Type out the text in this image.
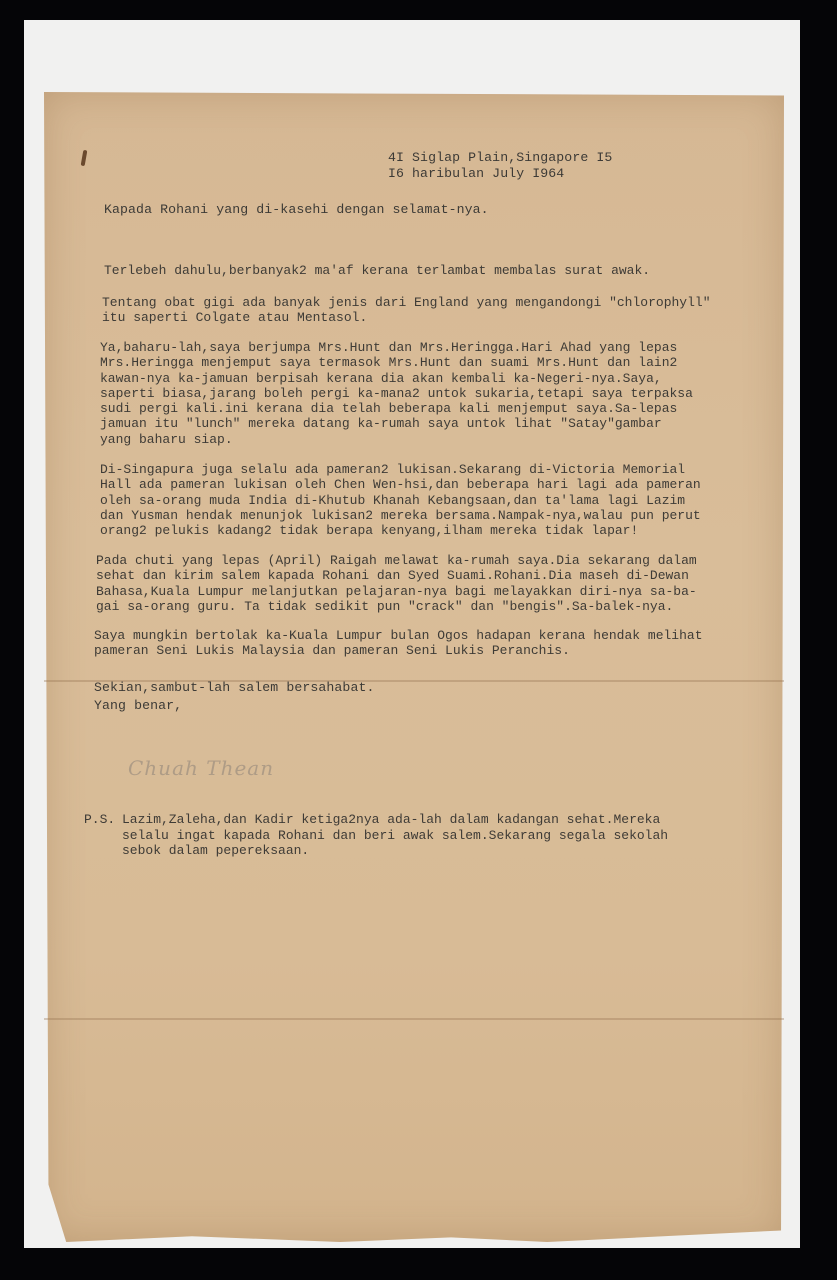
4I Siglap Plain,Singapore I5
I6 haribulan July I964
Kapada Rohani yang di-kasehi dengan selamat-nya.
Terlebeh dahulu,berbanyak2 ma'af kerana terlambat membalas surat awak.
Tentang obat gigi ada banyak jenis dari England yang mengandongi "chlorophyll"
itu saperti Colgate atau Mentasol.
Ya,baharu-lah,saya berjumpa Mrs.Hunt dan Mrs.Heringga.Hari Ahad yang lepas
Mrs.Heringga menjemput saya termasok Mrs.Hunt dan suami Mrs.Hunt dan lain2
kawan-nya ka-jamuan berpisah kerana dia akan kembali ka-Negeri-nya.Saya,
saperti biasa,jarang boleh pergi ka-mana2 untok sukaria,tetapi saya terpaksa
sudi pergi kali.ini kerana dia telah beberapa kali menjemput saya.Sa-lepas
jamuan itu "lunch" mereka datang ka-rumah saya untok lihat "Satay"gambar
yang baharu siap.
Di-Singapura juga selalu ada pameran2 lukisan.Sekarang di-Victoria Memorial
Hall ada pameran lukisan oleh Chen Wen-hsi,dan beberapa hari lagi ada pameran
oleh sa-orang muda India di-Khutub Khanah Kebangsaan,dan ta'lama lagi Lazim
dan Yusman hendak menunjok lukisan2 mereka bersama.Nampak-nya,walau pun perut
orang2 pelukis kadang2 tidak berapa kenyang,ilham mereka tidak lapar!
Pada chuti yang lepas (April) Raigah melawat ka-rumah saya.Dia sekarang dalam
sehat dan kirim salem kapada Rohani dan Syed Suami.Rohani.Dia maseh di-Dewan
Bahasa,Kuala Lumpur melanjutkan pelajaran-nya bagi melayakkan diri-nya sa-ba-
gai sa-orang guru. Ta tidak sedikit pun "crack" dan "bengis".Sa-balek-nya.
Saya mungkin bertolak ka-Kuala Lumpur bulan Ogos hadapan kerana hendak melihat
pameran Seni Lukis Malaysia dan pameran Seni Lukis Peranchis.
Sekian,sambut-lah salem bersahabat.
Yang benar,
Chuah Thean
P.S. Lazim,Zaleha,dan Kadir ketiga2nya ada-lah dalam kadangan sehat.Mereka
selalu ingat kapada Rohani dan beri awak salem.Sekarang segala sekolah
sebok dalam pepereksaan.
